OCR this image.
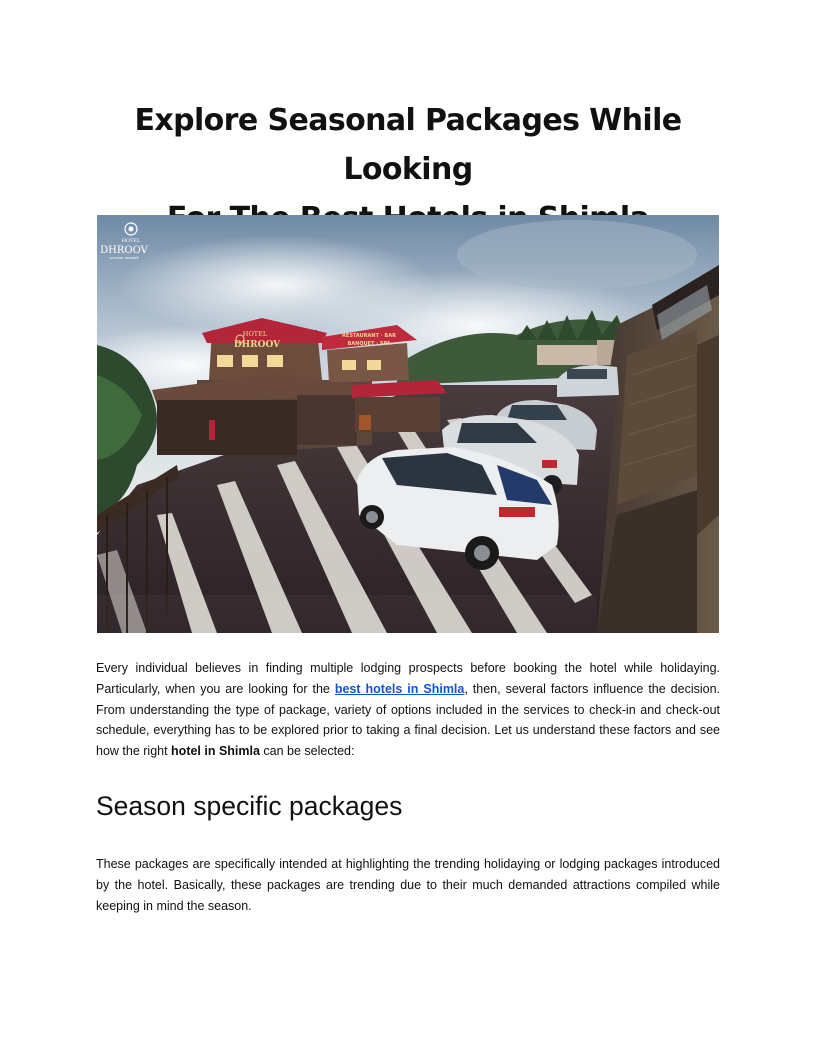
Explore Seasonal Packages While Looking
HOTEL
DHROOV
RESTAURANT · BAR
BANQUET · SPA
HOTEL
DHROOV
uncover yourself

Every individual believes in finding multiple lodging prospects before booking the hotel while holidaying. Particularly, when you are looking for the best hotels in Shimla, then, several factors influence the decision. From understanding the type of package, variety of options included in the services to check-in and check-out schedule, everything has to be explored prior to taking a final decision. Let us understand these factors and see how the right hotel in Shimla can be selected:

Season specific packages

These packages are specifically intended at highlighting the trending holidaying or lodging packages introduced by the hotel. Basically, these packages are trending due to their much demanded attractions compiled while keeping in mind the season.
